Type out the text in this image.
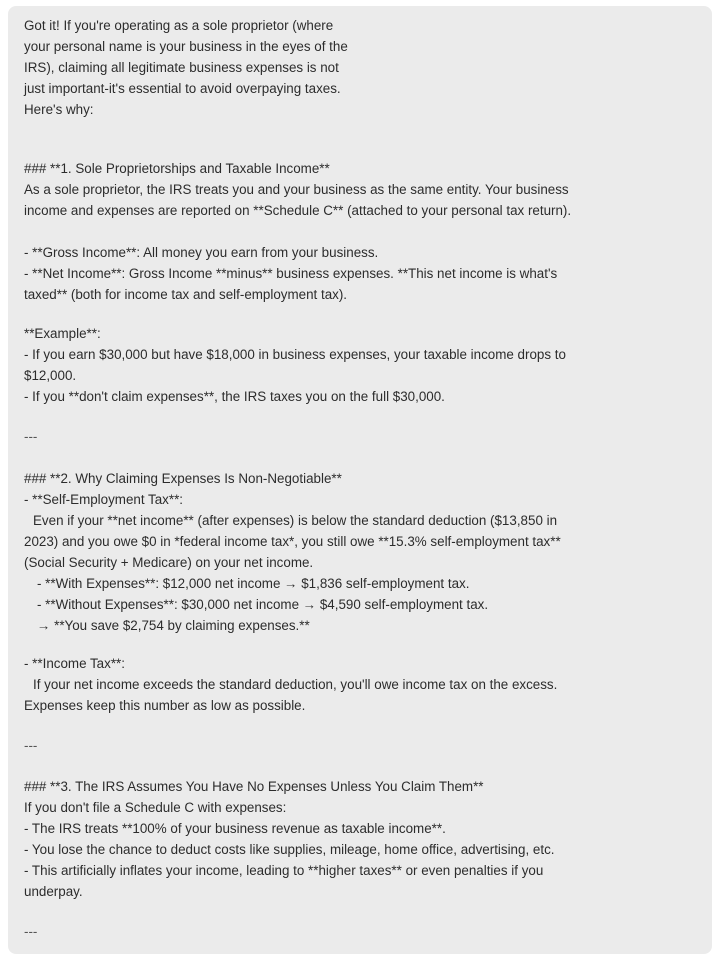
Got it! If you're operating as a sole proprietor (where

your personal name is your business in the eyes of the

IRS), claiming all legitimate business expenses is not

just important-it's essential to avoid overpaying taxes.

Here's why:

### **1. Sole Proprietorships and Taxable Income**

As a sole proprietor, the IRS treats you and your business as the same entity. Your business

income and expenses are reported on **Schedule C** (attached to your personal tax return).

- **Gross Income**: All money you earn from your business.

- **Net Income**: Gross Income **minus** business expenses. **This net income is what's

taxed** (both for income tax and self-employment tax).

**Example**:

- If you earn $30,000 but have $18,000 in business expenses, your taxable income drops to

$12,000.

- If you **don't claim expenses**, the IRS taxes you on the full $30,000.

---

### **2. Why Claiming Expenses Is Non-Negotiable**

- **Self-Employment Tax**:

Even if your **net income** (after expenses) is below the standard deduction ($13,850 in

2023) and you owe $0 in *federal income tax*, you still owe **15.3% self-employment tax**

(Social Security + Medicare) on your net income.

- **With Expenses**: $12,000 net income → $1,836 self-employment tax.

- **Without Expenses**: $30,000 net income → $4,590 self-employment tax.

→ **You save $2,754 by claiming expenses.**

- **Income Tax**:

If your net income exceeds the standard deduction, you'll owe income tax on the excess.

Expenses keep this number as low as possible.

---

### **3. The IRS Assumes You Have No Expenses Unless You Claim Them**

If you don't file a Schedule C with expenses:

- The IRS treats **100% of your business revenue as taxable income**.

- You lose the chance to deduct costs like supplies, mileage, home office, advertising, etc.

- This artificially inflates your income, leading to **higher taxes** or even penalties if you

underpay.

---
